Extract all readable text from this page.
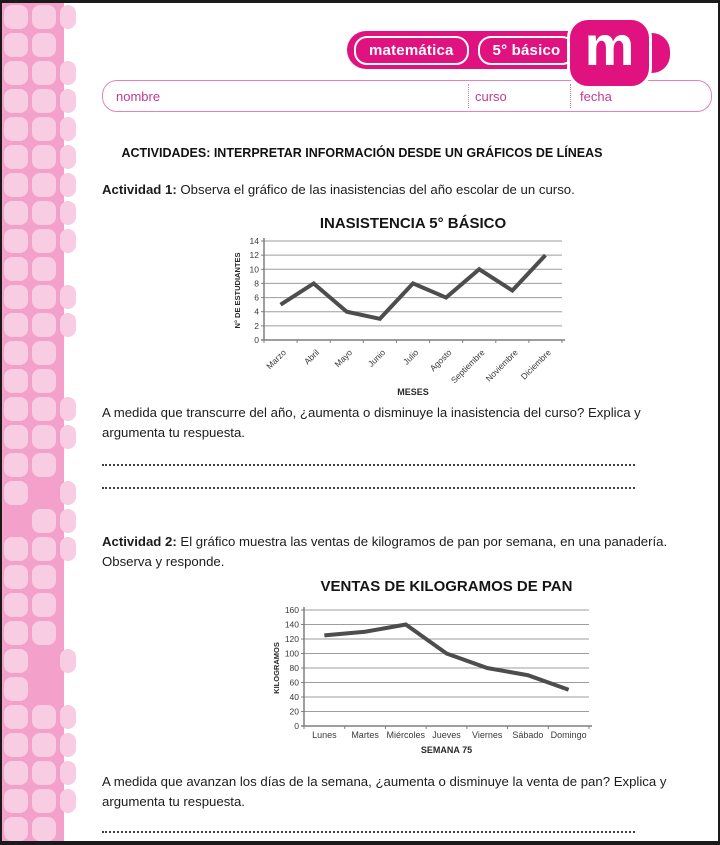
matemática	5° básico m
nombre	curso	fecha
ACTIVIDADES: INTERPRETAR INFORMACIÓN DESDE UN GRÁFICOS DE LÍNEAS
Actividad 1: Observa el gráfico de las inasistencias del año escolar de un curso.
0
2
4
6
8
10
12
14
Marzo Abril Mayo Junio Julio Agosto
Septiembre
Noviembre
Diciembre
INASISTENCIA 5° BÁSICO
MESES
N° DE ESTUDIANTES
A medida que transcurre del año, ¿aumenta o disminuye la inasistencia del curso? Explica y argumenta tu respuesta.
Actividad 2: El gráfico muestra las ventas de kilogramos de pan por semana, en una panadería. Observa y responde.
0
20
40
60
80
100
120
140
160
Lunes Martes Miércoles Jueves Viernes Sábado Domingo
VENTAS DE KILOGRAMOS DE PAN
SEMANA 75
KILOGRAMOS
A medida que avanzan los días de la semana, ¿aumenta o disminuye la venta de pan? Explica y argumenta tu respuesta.
